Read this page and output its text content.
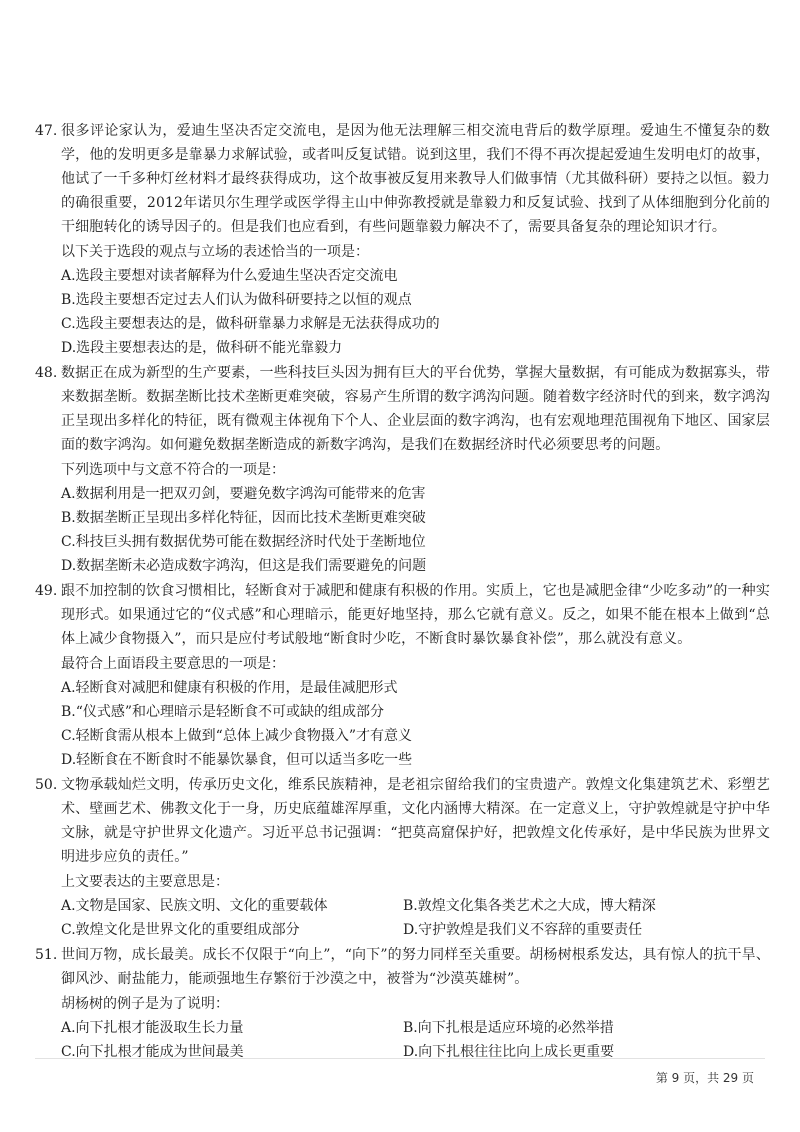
47. 很多评论家认为，爱迪生坚决否定交流电，是因为他无法理解三相交流电背后的数学原理。爱迪生不懂复杂的数学，他的发明更多是靠暴力求解试验，或者叫反复试错。说到这里，我们不得不再次提起爱迪生发明电灯的故事，他试了一千多种灯丝材料才最终获得成功，这个故事被反复用来教导人们做事情（尤其做科研）要持之以恒。毅力的确很重要，2012年诺贝尔生理学或医学得主山中伸弥教授就是靠毅力和反复试验、找到了从体细胞到分化前的干细胞转化的诱导因子的。但是我们也应看到，有些问题靠毅力解决不了，需要具备复杂的理论知识才行。

以下关于选段的观点与立场的表述恰当的一项是：

A.选段主要想对读者解释为什么爱迪生坚决否定交流电

B.选段主要想否定过去人们认为做科研要持之以恒的观点

C.选段主要想表达的是，做科研靠暴力求解是无法获得成功的

D.选段主要想表达的是，做科研不能光靠毅力

48. 数据正在成为新型的生产要素，一些科技巨头因为拥有巨大的平台优势，掌握大量数据，有可能成为数据寡头，带来数据垄断。数据垄断比技术垄断更难突破，容易产生所谓的数字鸿沟问题。随着数字经济时代的到来，数字鸿沟正呈现出多样化的特征，既有微观主体视角下个人、企业层面的数字鸿沟，也有宏观地理范围视角下地区、国家层面的数字鸿沟。如何避免数据垄断造成的新数字鸿沟，是我们在数据经济时代必须要思考的问题。

下列选项中与文意不符合的一项是：

A.数据利用是一把双刃剑，要避免数字鸿沟可能带来的危害

B.数据垄断正呈现出多样化特征，因而比技术垄断更难突破

C.科技巨头拥有数据优势可能在数据经济时代处于垄断地位

D.数据垄断未必造成数字鸿沟，但这是我们需要避免的问题

49. 跟不加控制的饮食习惯相比，轻断食对于减肥和健康有积极的作用。实质上，它也是减肥金律“少吃多动”的一种实现形式。如果通过它的“仪式感”和心理暗示，能更好地坚持，那么它就有意义。反之，如果不能在根本上做到“总体上减少食物摄入”，而只是应付考试般地“断食时少吃，不断食时暴饮暴食补偿”，那么就没有意义。

最符合上面语段主要意思的一项是：

A.轻断食对减肥和健康有积极的作用，是最佳减肥形式

B.“仪式感”和心理暗示是轻断食不可或缺的组成部分

C.轻断食需从根本上做到“总体上减少食物摄入”才有意义

D.轻断食在不断食时不能暴饮暴食，但可以适当多吃一些

50. 文物承载灿烂文明，传承历史文化，维系民族精神，是老祖宗留给我们的宝贵遗产。敦煌文化集建筑艺术、彩塑艺术、壁画艺术、佛教文化于一身，历史底蕴雄浑厚重，文化内涵博大精深。在一定意义上，守护敦煌就是守护中华文脉，就是守护世界文化遗产。习近平总书记强调：“把莫高窟保护好，把敦煌文化传承好，是中华民族为世界文明进步应负的责任。”

上文要表达的主要意思是：

A.文物是国家、民族文明、文化的重要载体	B.敦煌文化集各类艺术之大成，博大精深

C.敦煌文化是世界文化的重要组成部分	D.守护敦煌是我们义不容辞的重要责任

51. 世间万物，成长最美。成长不仅限于“向上”，“向下”的努力同样至关重要。胡杨树根系发达，具有惊人的抗干旱、御风沙、耐盐能力，能顽强地生存繁衍于沙漠之中，被誉为“沙漠英雄树”。

胡杨树的例子是为了说明：

A.向下扎根才能汲取生长力量	B.向下扎根是适应环境的必然举措

C.向下扎根才能成为世间最美	D.向下扎根往往比向上成长更重要

第 9 页，共 29 页
